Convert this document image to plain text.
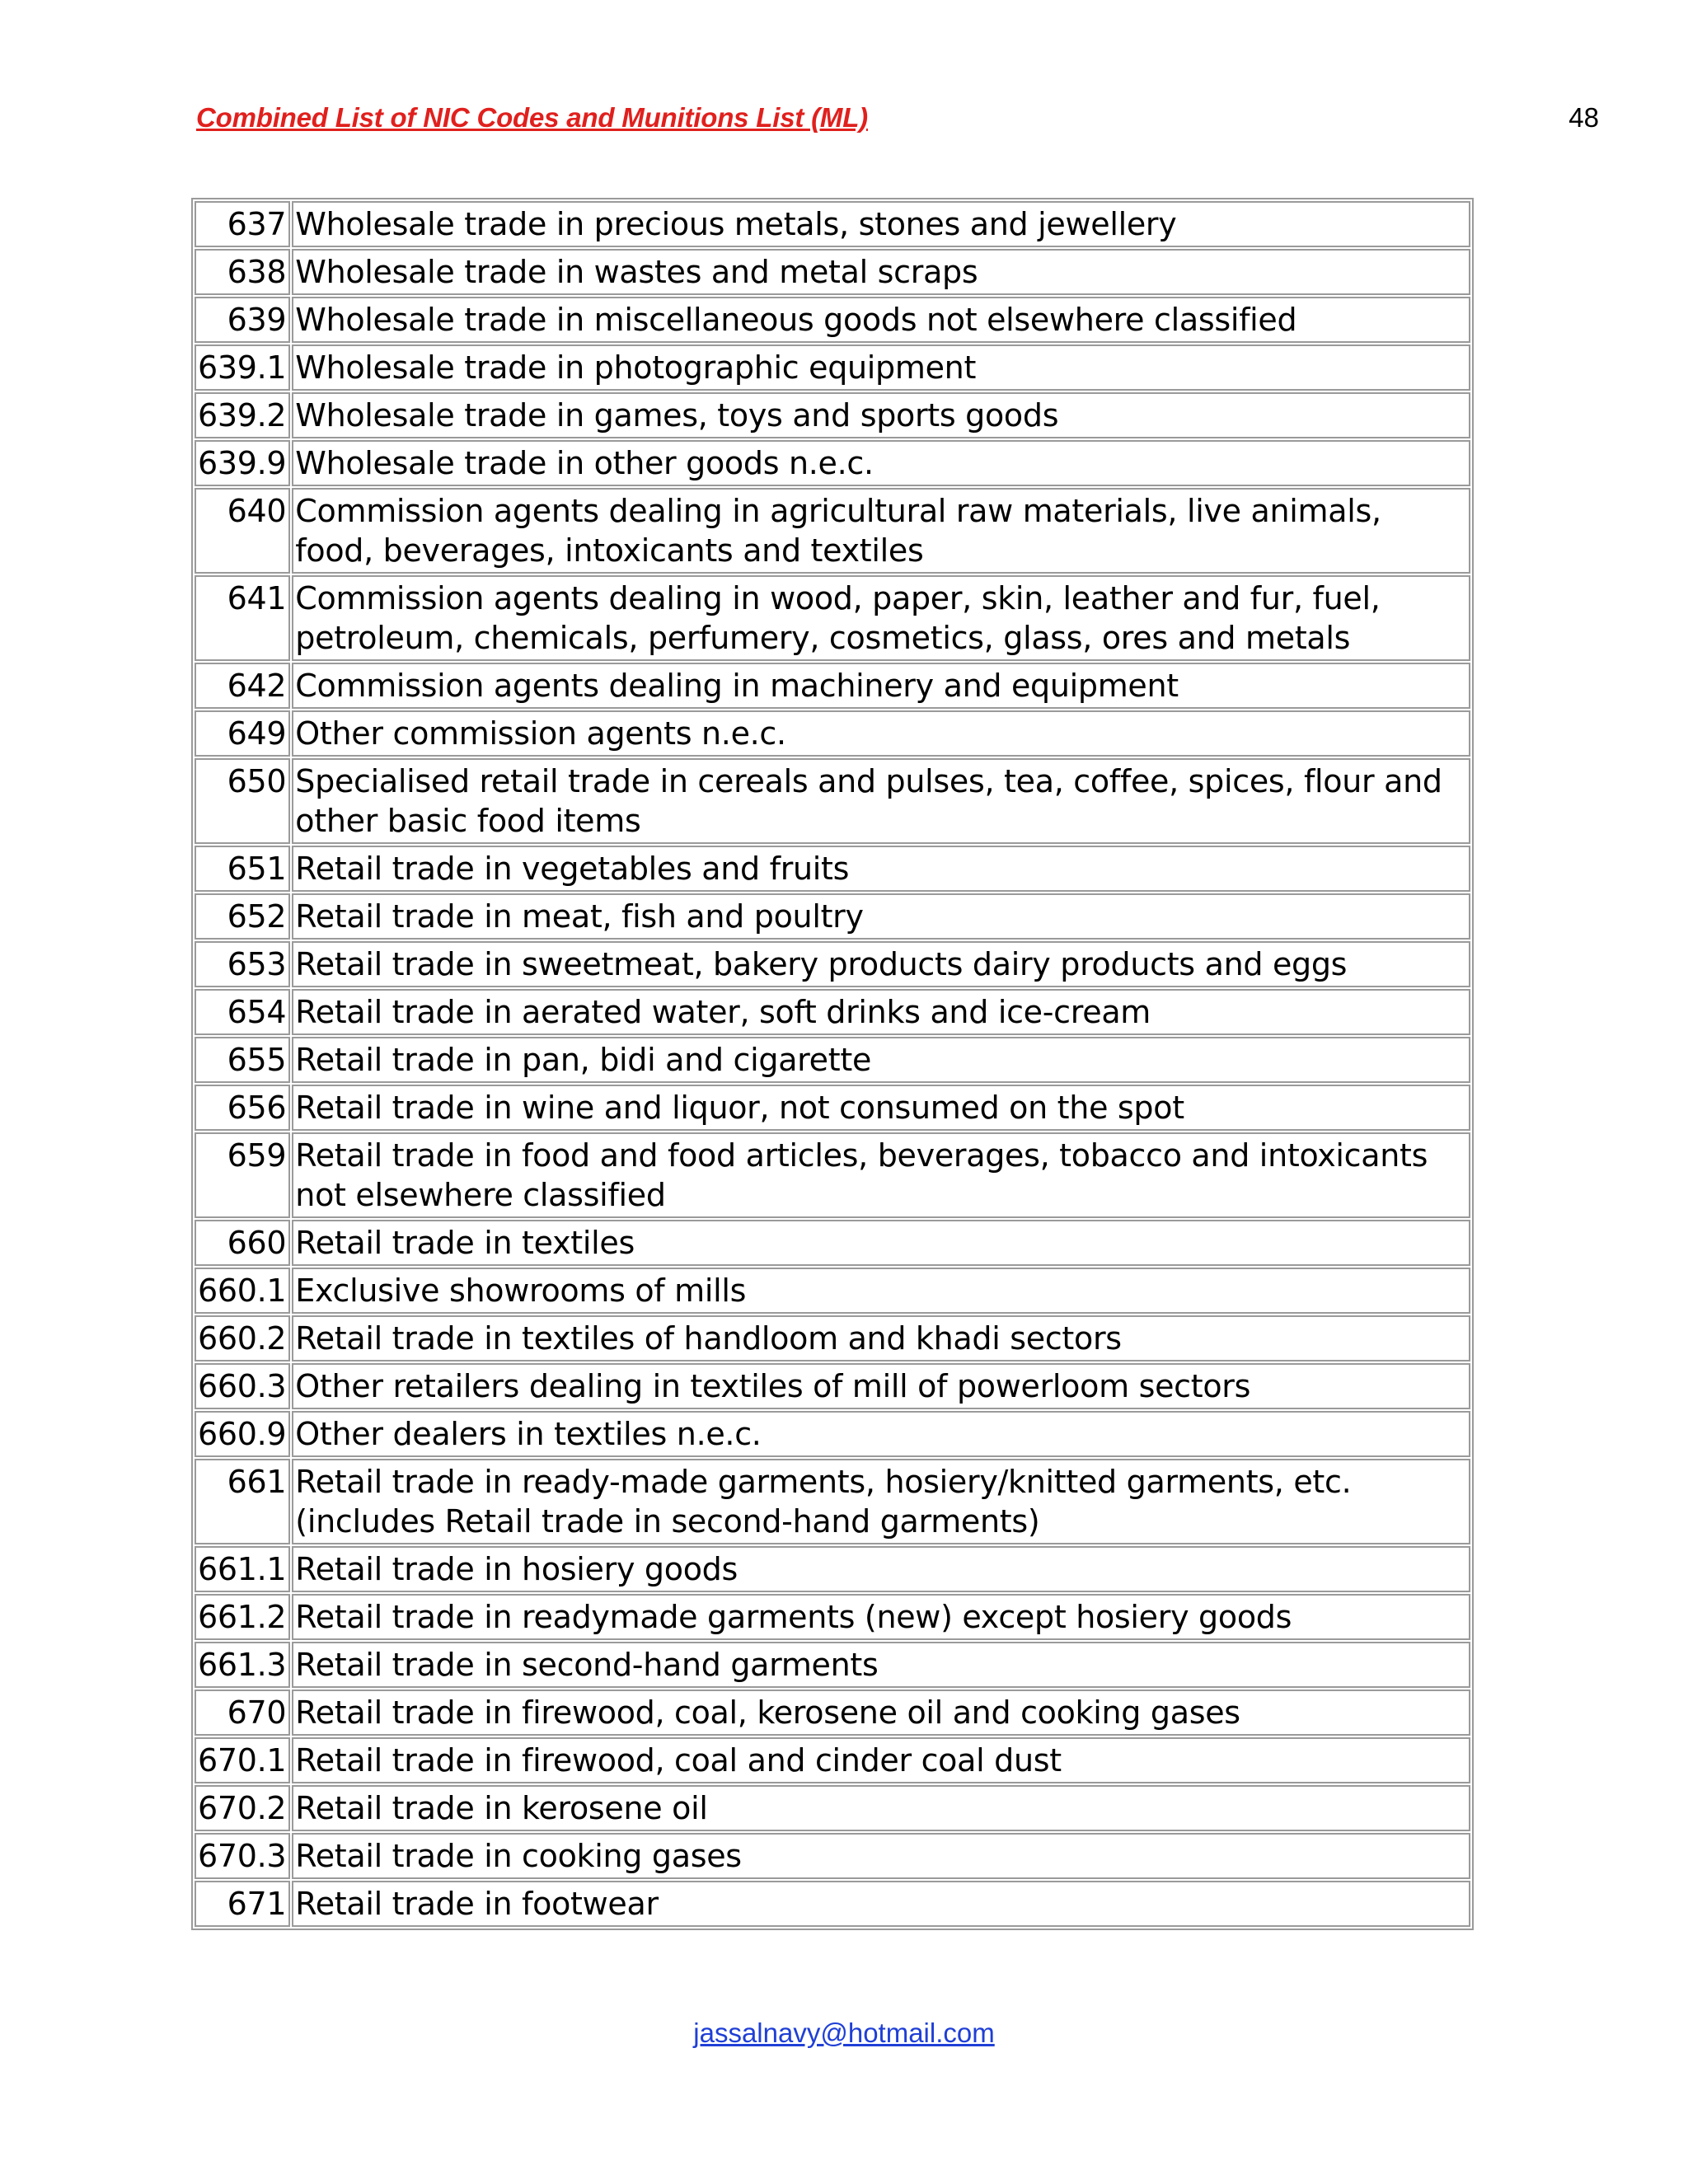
Combined List of NIC Codes and Munitions List (ML)	48
637	Wholesale trade in precious metals, stones and jewellery
638	Wholesale trade in wastes and metal scraps
639	Wholesale trade in miscellaneous goods not elsewhere classified
639.1	Wholesale trade in photographic equipment
639.2	Wholesale trade in games, toys and sports goods
639.9	Wholesale trade in other goods n.e.c.
640	Commission agents dealing in agricultural raw materials, live animals, food, beverages, intoxicants and textiles
641	Commission agents dealing in wood, paper, skin, leather and fur, fuel, petroleum, chemicals, perfumery, cosmetics, glass, ores and metals
642	Commission agents dealing in machinery and equipment
649	Other commission agents n.e.c.
650	Specialised retail trade in cereals and pulses, tea, coffee, spices, flour and other basic food items
651	Retail trade in vegetables and fruits
652	Retail trade in meat, fish and poultry
653	Retail trade in sweetmeat, bakery products dairy products and eggs
654	Retail trade in aerated water, soft drinks and ice-cream
655	Retail trade in pan, bidi and cigarette
656	Retail trade in wine and liquor, not consumed on the spot
659	Retail trade in food and food articles, beverages, tobacco and intoxicants not elsewhere classified
660	Retail trade in textiles
660.1	Exclusive showrooms of mills
660.2	Retail trade in textiles of handloom and khadi sectors
660.3	Other retailers dealing in textiles of mill of powerloom sectors
660.9	Other dealers in textiles n.e.c.
661	Retail trade in ready-made garments, hosiery/knitted garments, etc. (includes Retail trade in second-hand garments)
661.1	Retail trade in hosiery goods
661.2	Retail trade in readymade garments (new) except hosiery goods
661.3	Retail trade in second-hand garments
670	Retail trade in firewood, coal, kerosene oil and cooking gases
670.1	Retail trade in firewood, coal and cinder coal dust
670.2	Retail trade in kerosene oil
670.3	Retail trade in cooking gases
671	Retail trade in footwear
jassalnavy@hotmail.com
